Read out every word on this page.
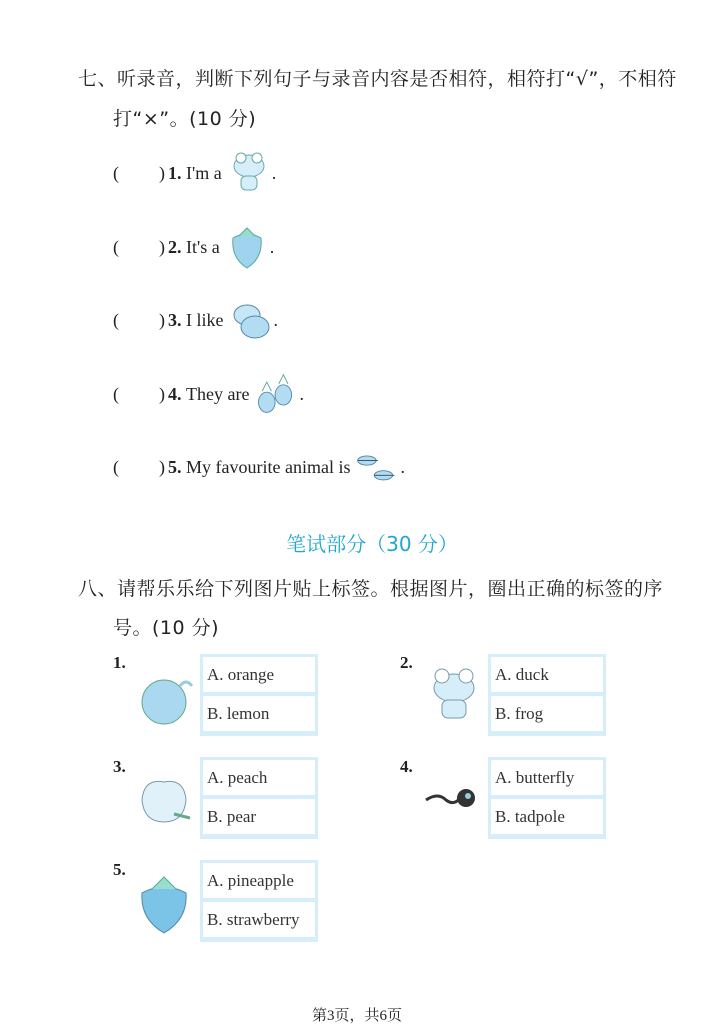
七、听录音，判断下列句子与录音内容是否相符，相符打“√”，不相符
打“×”。(10 分)
( ) 1.
I'm a	.
( ) 2.
It's a	.
( ) 3.
I like	.
( ) 4.
They are	.
( ) 5.
My favourite animal is	.
笔试部分（30 分）
八、请帮乐乐给下列图片贴上标签。根据图片，圈出正确的标签的序
号。(10 分)
1.
A. orange
B. lemon
2.
A. duck
B. frog
3.
A. peach
B. pear
4.
A. butterfly
B. tadpole
5.
A. pineapple
B. strawberry
第3页，共6页
